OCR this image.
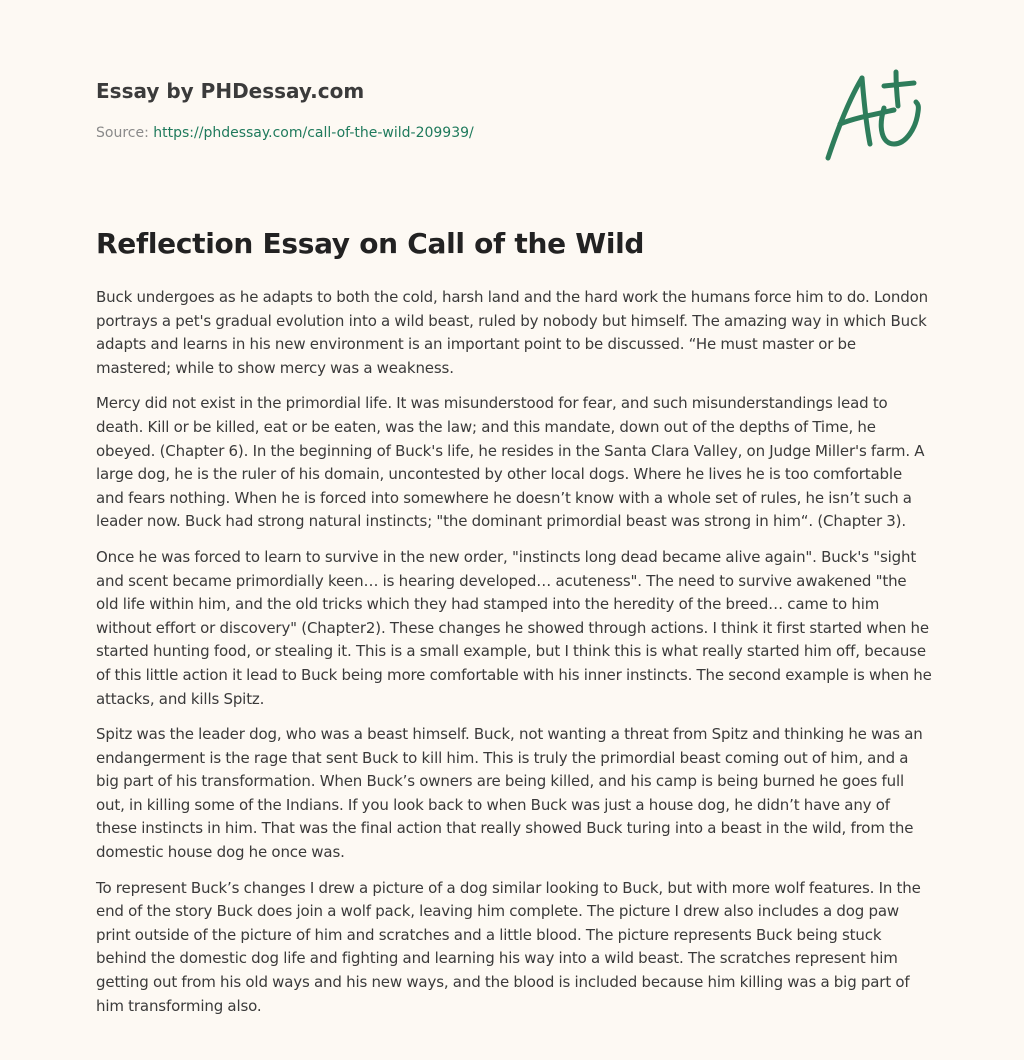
Essay by PHDessay.com
Source: https://phdessay.com/call-of-the-wild-209939/
Reflection Essay on Call of the Wild

Buck undergoes as he adapts to both the cold, harsh land and the hard work the humans force him to do. London portrays a pet's gradual evolution into a wild beast, ruled by nobody but himself. The amazing way in which Buck adapts and learns in his new environment is an important point to be discussed. “He must master or be mastered; while to show mercy was a weakness.

Mercy did not exist in the primordial life. It was misunderstood for fear, and such misunderstandings lead to death. Kill or be killed, eat or be eaten, was the law; and this mandate, down out of the depths of Time, he obeyed. (Chapter 6). In the beginning of Buck's life, he resides in the Santa Clara Valley, on Judge Miller's farm. A large dog, he is the ruler of his domain, uncontested by other local dogs. Where he lives he is too comfortable and fears nothing. When he is forced into somewhere he doesn’t know with a whole set of rules, he isn’t such a leader now. Buck had strong natural instincts; "the dominant primordial beast was strong in him“. (Chapter 3).

Once he was forced to learn to survive in the new order, "instincts long dead became alive again". Buck's "sight and scent became primordially keen… is hearing developed… acuteness". The need to survive awakened "the old life within him, and the old tricks which they had stamped into the heredity of the breed… came to him without effort or discovery" (Chapter2). These changes he showed through actions. I think it first started when he started hunting food, or stealing it. This is a small example, but I think this is what really started him off, because of this little action it lead to Buck being more comfortable with his inner instincts. The second example is when he attacks, and kills Spitz.

Spitz was the leader dog, who was a beast himself. Buck, not wanting a threat from Spitz and thinking he was an endangerment is the rage that sent Buck to kill him. This is truly the primordial beast coming out of him, and a big part of his transformation. When Buck’s owners are being killed, and his camp is being burned he goes full out, in killing some of the Indians. If you look back to when Buck was just a house dog, he didn’t have any of these instincts in him. That was the final action that really showed Buck turing into a beast in the wild, from the domestic house dog he once was.

To represent Buck’s changes I drew a picture of a dog similar looking to Buck, but with more wolf features. In the end of the story Buck does join a wolf pack, leaving him complete. The picture I drew also includes a dog paw print outside of the picture of him and scratches and a little blood. The picture represents Buck being stuck behind the domestic dog life and fighting and learning his way into a wild beast. The scratches represent him getting out from his old ways and his new ways, and the blood is included because him killing was a big part of him transforming also.
